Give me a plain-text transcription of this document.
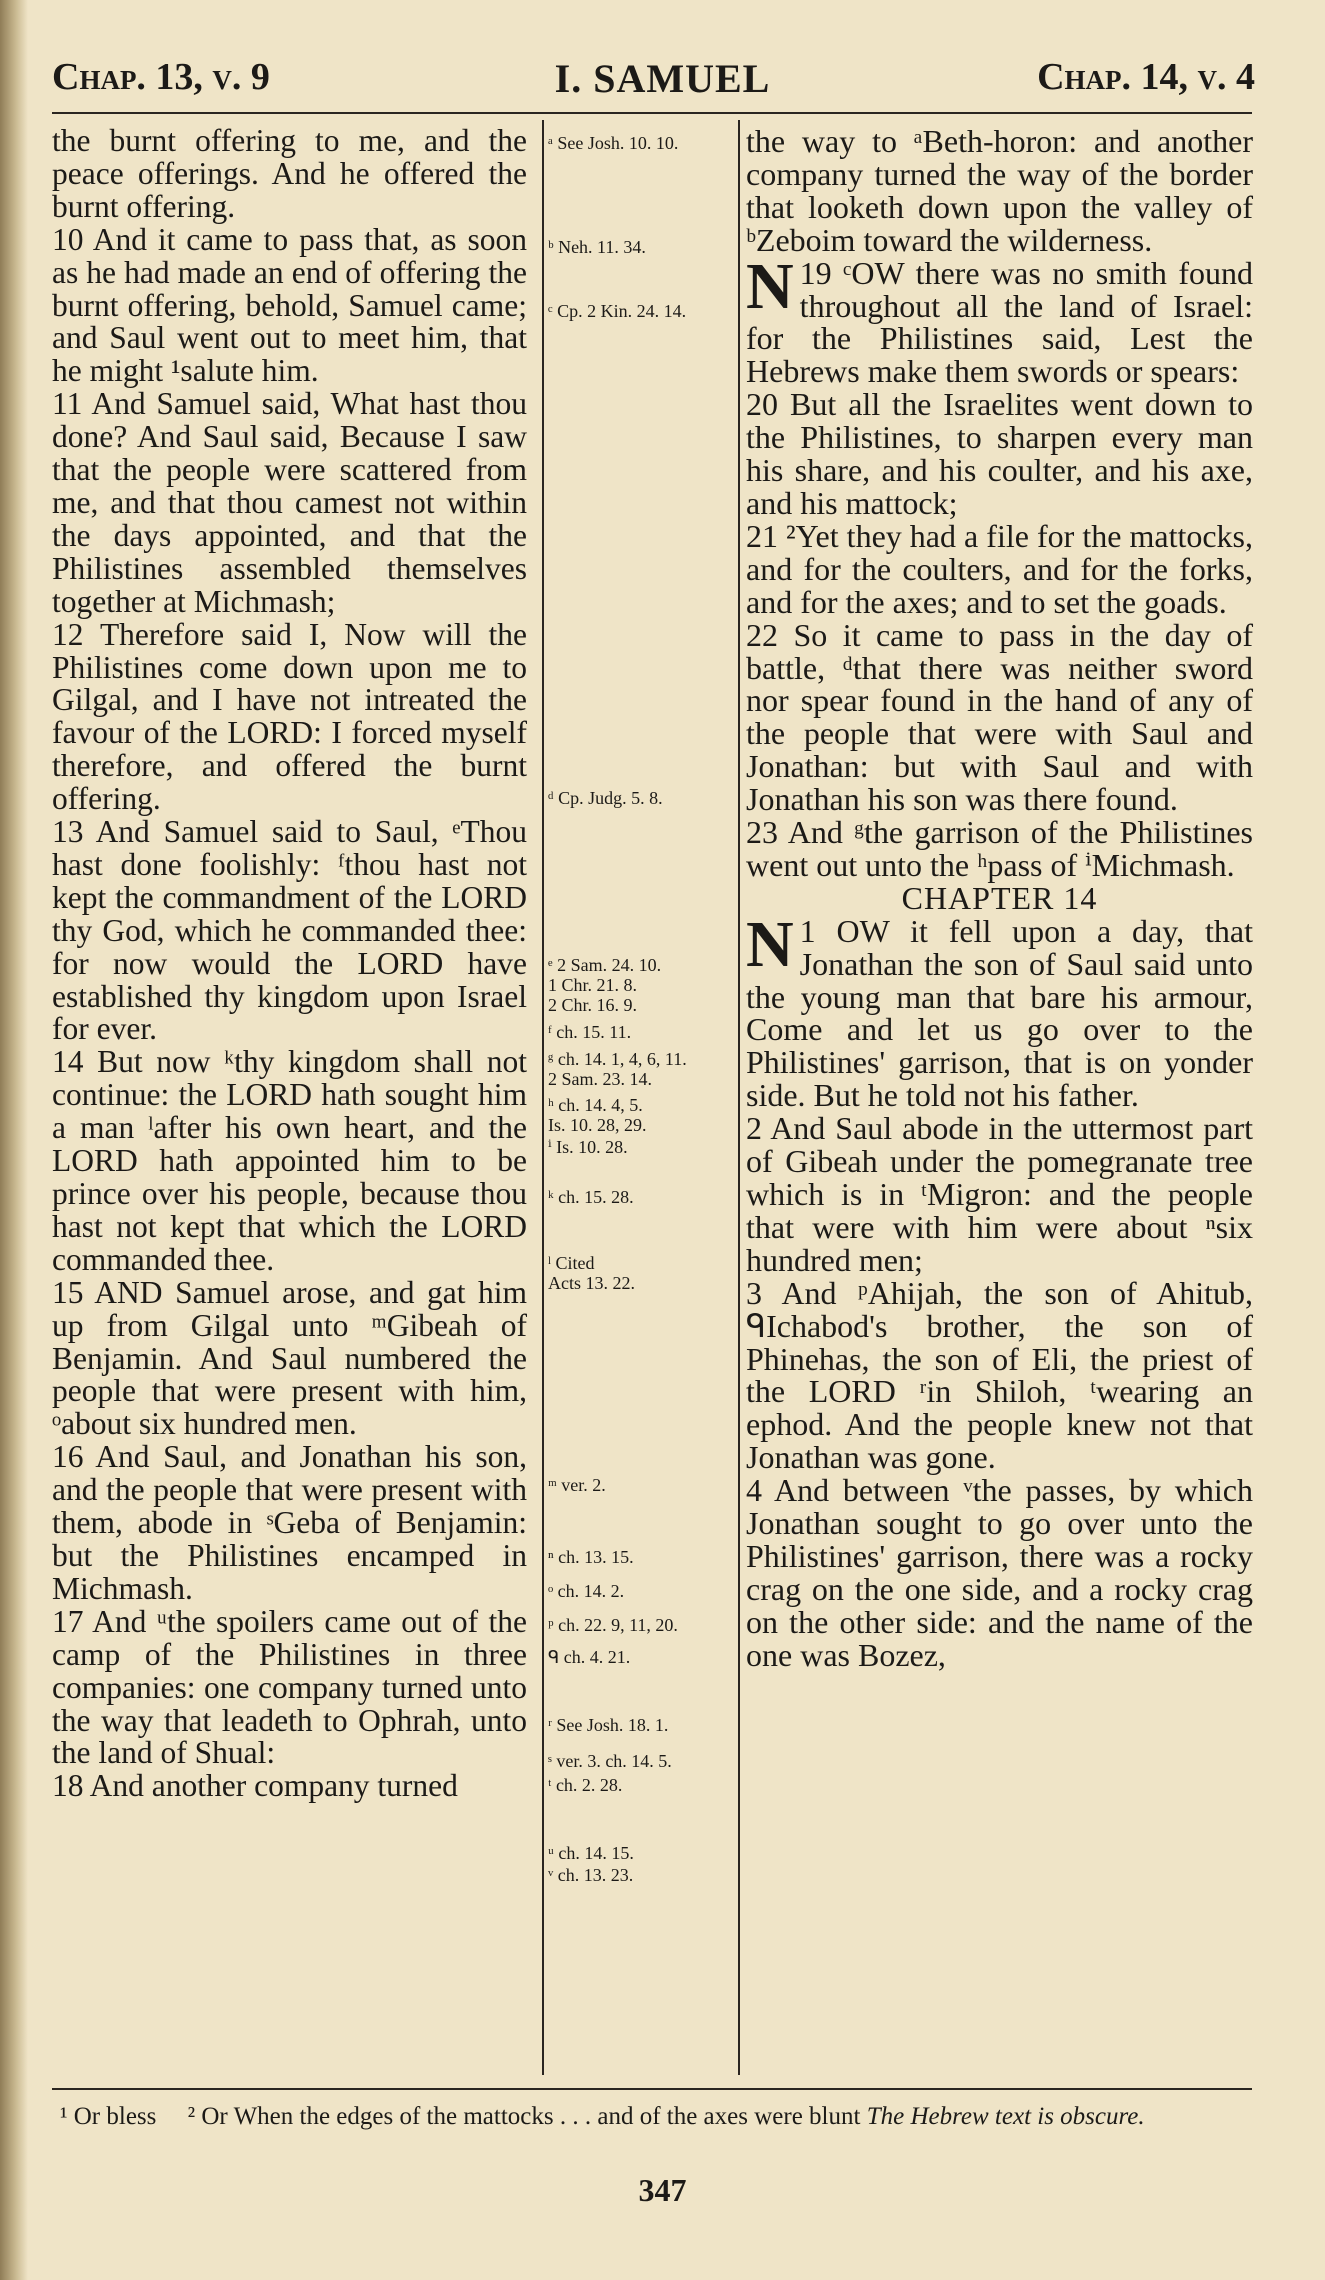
Chap. 13, v. 9	I. SAMUEL	Chap. 14, v. 4

the burnt offering to me, and the peace offerings. And he offered the burnt offering.

10 And it came to pass that, as soon as he had made an end of offering the burnt offering, behold, Samuel came; and Saul went out to meet him, that he might ¹salute him.

11 And Samuel said, What hast thou done? And Saul said, Because I saw that the people were scattered from me, and that thou camest not within the days appointed, and that the Philistines assembled themselves together at Michmash;

12 Therefore said I, Now will the Philistines come down upon me to Gilgal, and I have not intreated the favour of the LORD: I forced myself therefore, and offered the burnt offering.

13 And Samuel said to Saul, ᵉThou hast done foolishly: ᶠthou hast not kept the commandment of the LORD thy God, which he commanded thee: for now would the LORD have established thy kingdom upon Israel for ever.

14 But now ᵏthy kingdom shall not continue: the LORD hath sought him a man ˡafter his own heart, and the LORD hath appointed him to be prince over his people, because thou hast not kept that which the LORD commanded thee.

15 AND Samuel arose, and gat him up from Gilgal unto ᵐGibeah of Benjamin. And Saul numbered the people that were present with him, ᵒabout six hundred men.

16 And Saul, and Jonathan his son, and the people that were present with them, abode in ˢGeba of Benjamin: but the Philistines encamped in Michmash.

17 And ᵘthe spoilers came out of the camp of the Philistines in three companies: one company turned unto the way that leadeth to Ophrah, unto the land of Shual:

18 And another company turned

ᵃ See Josh. 10. 10.
ᵇ Neh. 11. 34.
ᶜ Cp. 2 Kin. 24. 14.
ᵈ Cp. Judg. 5. 8.
ᵉ 2 Sam. 24. 10.
1 Chr. 21. 8.
2 Chr. 16. 9.
ᶠ ch. 15. 11.
ᵍ ch. 14. 1, 4, 6, 11.
2 Sam. 23. 14.
ʰ ch. 14. 4, 5.
Is. 10. 28, 29.
ⁱ Is. 10. 28.
ᵏ ch. 15. 28.
ˡ Cited
Acts 13. 22.
ᵐ ver. 2.
ⁿ ch. 13. 15.
ᵒ ch. 14. 2.
ᵖ ch. 22. 9, 11, 20.
ᑫ ch. 4. 21.
ʳ See Josh. 18. 1.
ˢ ver. 3. ch. 14. 5.
ᵗ ch. 2. 28.
ᵘ ch. 14. 15.
ᵛ ch. 13. 23.

the way to ᵃBeth-horon: and another company turned the way of the border that looketh down upon the valley of ᵇZeboim toward the wilderness.

19 ᶜ
N OW there was no smith found throughout all the land of Israel: for the Philistines said, Lest the Hebrews make them swords or spears:

20 But all the Israelites went down to the Philistines, to sharpen every man his share, and his coulter, and his axe, and his mattock;

21 ²Yet they had a file for the mattocks, and for the coulters, and for the forks, and for the axes; and to set the goads.

22 So it came to pass in the day of battle, ᵈthat there was neither sword nor spear found in the hand of any of the people that were with Saul and Jonathan: but with Saul and with Jonathan his son was there found.

23 And ᵍthe garrison of the Philistines went out unto the ʰpass of ⁱMichmash.

CHAPTER 14

1
N OW it fell upon a day, that Jonathan the son of Saul said unto the young man that bare his armour, Come and let us go over to the Philistines' garrison, that is on yonder side. But he told not his father.

2 And Saul abode in the uttermost part of Gibeah under the pomegranate tree which is in ᵗMigron: and the people that were with him were about ⁿsix hundred men;

3 And ᵖAhijah, the son of Ahitub, ᑫIchabod's brother, the son of Phinehas, the son of Eli, the priest of the LORD ʳin Shiloh, ᵗwearing an ephod. And the people knew not that Jonathan was gone.

4 And between ᵛthe passes, by which Jonathan sought to go over unto the Philistines' garrison, there was a rocky crag on the one side, and a rocky crag on the other side: and the name of the one was Bozez,

¹ Or bless ² Or When the edges of the mattocks . . . and of the axes were blunt The Hebrew text is obscure.
347
